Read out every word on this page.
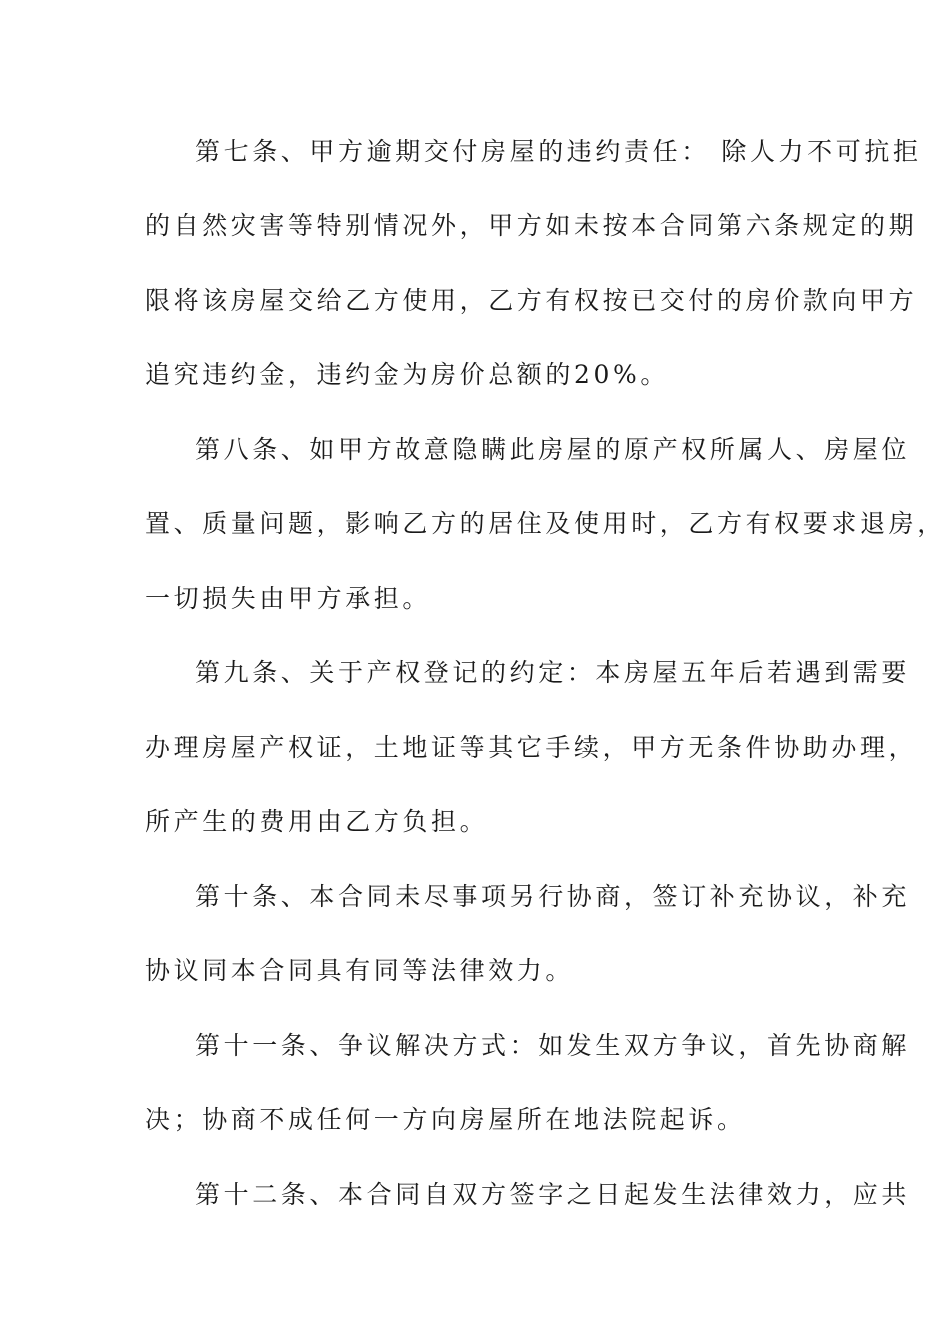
第七条、甲方逾期交付房屋的违约责任： 除人力不可抗拒

的自然灾害等特别情况外，甲方如未按本合同第六条规定的期

限将该房屋交给乙方使用，乙方有权按已交付的房价款向甲方

追究违约金，违约金为房价总额的20%。

第八条、如甲方故意隐瞒此房屋的原产权所属人、房屋位

置、质量问题，影响乙方的居住及使用时，乙方有权要求退房，

一切损失由甲方承担。

第九条、关于产权登记的约定：本房屋五年后若遇到需要

办理房屋产权证，土地证等其它手续，甲方无条件协助办理，

所产生的费用由乙方负担。

第十条、本合同未尽事项另行协商，签订补充协议，补充

协议同本合同具有同等法律效力。

第十一条、争议解决方式：如发生双方争议，首先协商解

决；协商不成任何一方向房屋所在地法院起诉。

第十二条、本合同自双方签字之日起发生法律效力，应共
